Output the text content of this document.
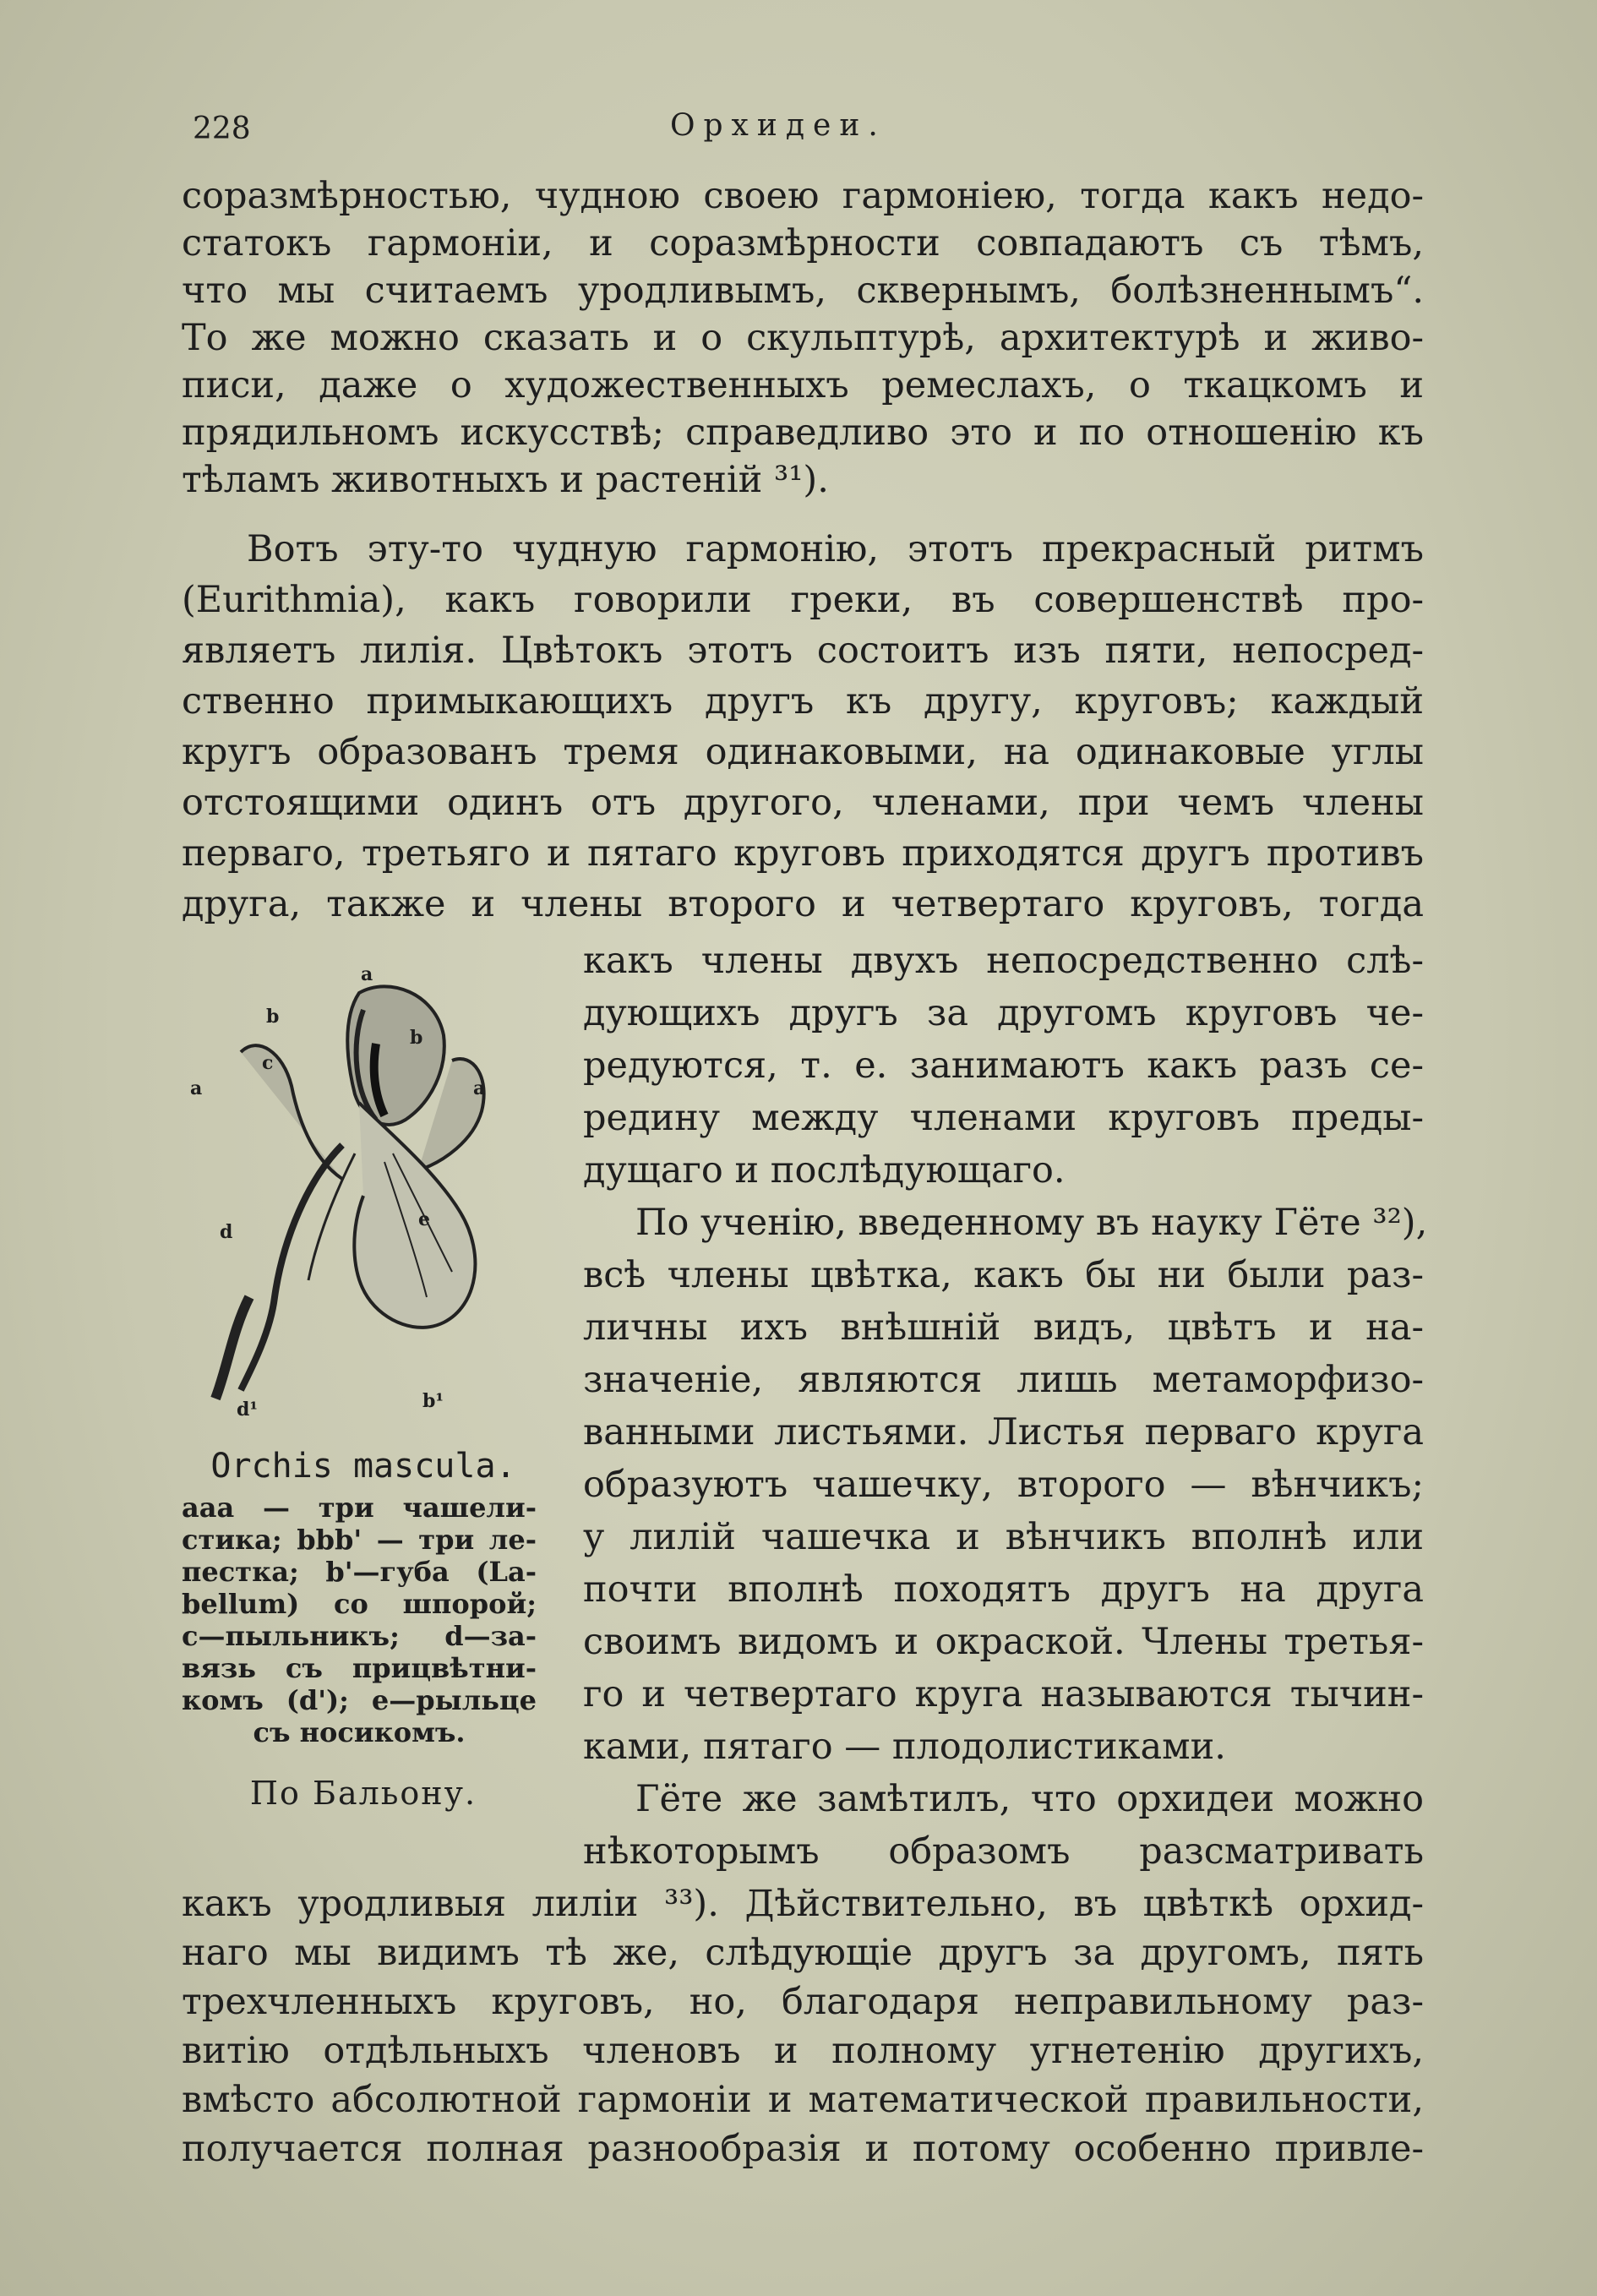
228	Орхидеи.
соразмѣрностью, чудною своею гармоніею, тогда какъ недо-
статокъ гармоніи, и соразмѣрности совпадаютъ съ тѣмъ,
что мы считаемъ уродливымъ, сквернымъ, болѣзненнымъ“.
То же можно сказать и о скульптурѣ, архитектурѣ и живо-
писи, даже о художественныхъ ремеслахъ, о ткацкомъ и
прядильномъ искусствѣ; справедливо это и по отношенію къ
тѣламъ животныхъ и растеній ³¹).
Вотъ эту-то чудную гармонію, этотъ прекрасный ритмъ
(Eurithmia), какъ говорили греки, въ совершенствѣ про-
являетъ лилія. Цвѣтокъ этотъ состоитъ изъ пяти, непосред-
ственно примыкающихъ другъ къ другу, круговъ; каждый
кругъ образованъ тремя одинаковыми, на одинаковые углы
отстоящими одинъ отъ другого, членами, при чемъ члены
перваго, третьяго и пятаго круговъ приходятся другъ противъ
друга, также и члены второго и четвертаго круговъ, тогда
a
b
b
c
a	a
d
e
d¹	b¹
Orchis mascula.
aaa — три чашели-
стика; bbb' — три ле-
пестка; b'—губа (La-
bellum) со шпорой;
c—пыльникъ; d—за-
вязь съ прицвѣтни-
комъ (d'); e—рыльце
съ носикомъ.
По Бальону.
какъ члены двухъ непосредственно слѣ-
дующихъ другъ за другомъ круговъ че-
редуются, т. е. занимаютъ какъ разъ се-
редину между членами круговъ преды-
дущаго и послѣдующаго.
По ученію, введенному въ науку Гёте ³²),
всѣ члены цвѣтка, какъ бы ни были раз-
личны ихъ внѣшній видъ, цвѣтъ и на-
значеніе, являются лишь метаморфизо-
ванными листьями. Листья перваго круга
образуютъ чашечку, второго — вѣнчикъ;
у лилій чашечка и вѣнчикъ вполнѣ или
почти вполнѣ походятъ другъ на друга
своимъ видомъ и окраской. Члены третья-
го и четвертаго круга называются тычин-
ками, пятаго — плодолистиками.
Гёте же замѣтилъ, что орхидеи можно
нѣкоторымъ образомъ разсматривать
какъ уродливыя лиліи ³³). Дѣйствительно, въ цвѣткѣ орхид-
наго мы видимъ тѣ же, слѣдующіе другъ за другомъ, пять
трехчленныхъ круговъ, но, благодаря неправильному раз-
витію отдѣльныхъ членовъ и полному угнетенію другихъ,
вмѣсто абсолютной гармоніи и математической правильности,
получается полная разнообразія и потому особенно привле-
